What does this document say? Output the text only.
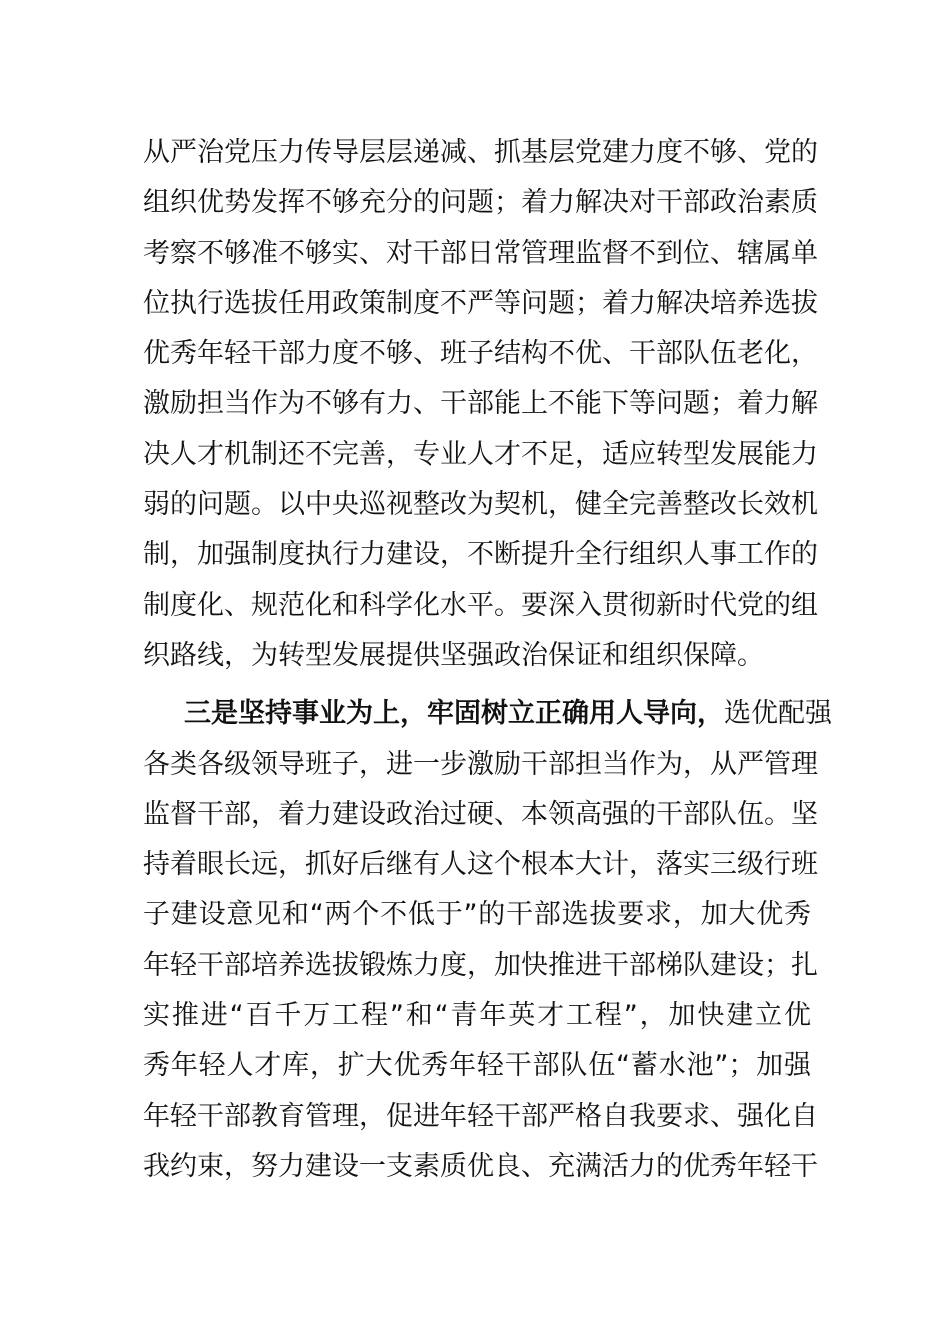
从严治党压力传导层层递减、抓基层党建力度不够、党的
组织优势发挥不够充分的问题；着力解决对干部政治素质
考察不够准不够实、对干部日常管理监督不到位、辖属单
位执行选拔任用政策制度不严等问题；着力解决培养选拔
优秀年轻干部力度不够、班子结构不优、干部队伍老化，
激励担当作为不够有力、干部能上不能下等问题；着力解
决人才机制还不完善，专业人才不足，适应转型发展能力
弱的问题。以中央巡视整改为契机，健全完善整改长效机
制，加强制度执行力建设，不断提升全行组织人事工作的
制度化、规范化和科学化水平。要深入贯彻新时代党的组
织路线，为转型发展提供坚强政治保证和组织保障。
三是坚持事业为上，牢固树立正确用人导向，选优配强
各类各级领导班子，进一步激励干部担当作为，从严管理
监督干部，着力建设政治过硬、本领高强的干部队伍。坚
持着眼长远，抓好后继有人这个根本大计，落实三级行班
子建设意见和“两个不低于”的干部选拔要求，加大优秀
年轻干部培养选拔锻炼力度，加快推进干部梯队建设；扎
实推进“百千万工程”和“青年英才工程”，加快建立优
秀年轻人才库，扩大优秀年轻干部队伍“蓄水池”；加强
年轻干部教育管理，促进年轻干部严格自我要求、强化自
我约束，努力建设一支素质优良、充满活力的优秀年轻干
